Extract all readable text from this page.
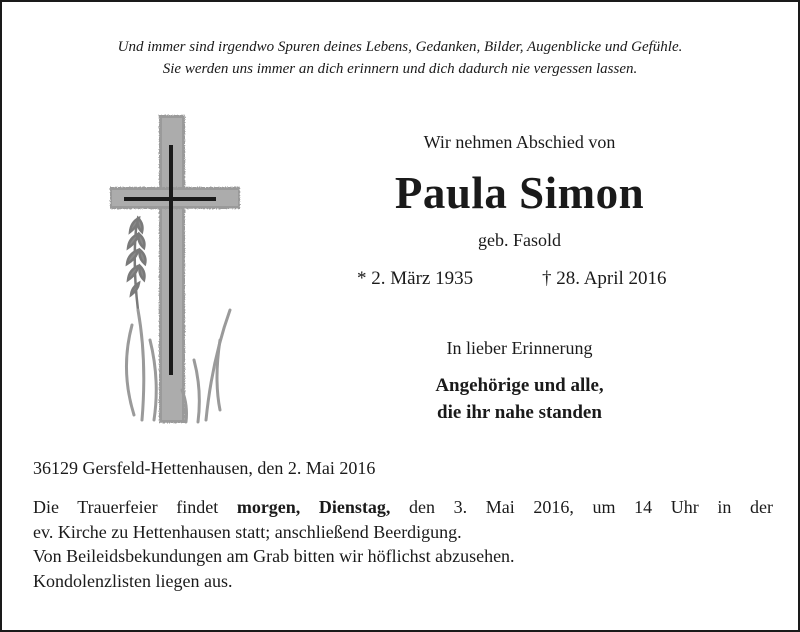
Und immer sind irgendwo Spuren deines Lebens, Gedanken, Bilder, Augenblicke und Gefühle.
Sie werden uns immer an dich erinnern und dich dadurch nie vergessen lassen.
Wir nehmen Abschied von
Paula Simon
geb. Fasold
* 2. März 1935	† 28. April 2016
In lieber Erinnerung
Angehörige und alle,
die ihr nahe standen
36129 Gersfeld-Hettenhausen, den 2. Mai 2016
Die Trauerfeier findet morgen, Dienstag, den 3. Mai 2016, um 14 Uhr in der
ev. Kirche zu Hettenhausen statt; anschließend Beerdigung.
Von Beileidsbekundungen am Grab bitten wir höflichst abzusehen.
Kondolenzlisten liegen aus.
